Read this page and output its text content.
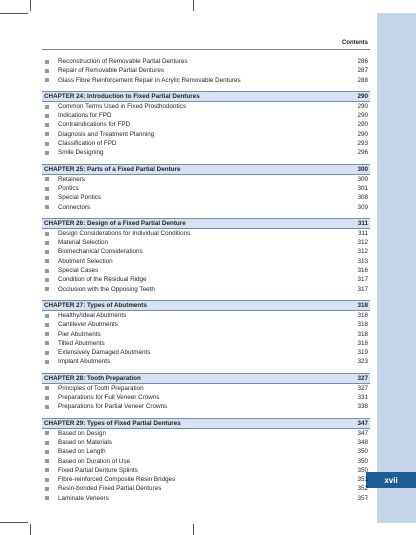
xvii
Contents
Reconstruction of Removable Partial Dentures	286
Repair of Removable Partial Dentures	287
Glass Fibre Reinforcement Repair in Acrylic Removable Dentures	288
CHAPTER 24: Introduction to Fixed Partial Dentures	290
Common Terms Used in Fixed Prosthodontics	290
Indications for FPD	290
Contraindications for FPD	290
Diagnosis and Treatment Planning	290
Classification of FPD	293
Smile Designing	296
CHAPTER 25: Parts of a Fixed Partial Denture	300
Retainers	300
Pontics	301
Special Pontics	308
Connectors	309
CHAPTER 26: Design of a Fixed Partial Denture	311
Design Considerations for Individual Conditions	311
Material Selection	312
Biomechanical Considerations	312
Abutment Selection	313
Special Cases	316
Condition of the Residual Ridge	317
Occlusion with the Opposing Teeth	317
CHAPTER 27: Types of Abutments	318
Healthy/Ideal Abutments	318
Cantilever Abutments	318
Pier Abutments	318
Tilted Abutments	318
Extensively Damaged Abutments	319
Implant Abutments	323
CHAPTER 28: Tooth Preparation	327
Principles of Tooth Preparation	327
Preparations for Full Veneer Crowns	331
Preparations for Partial Veneer Crowns	338
CHAPTER 29: Types of Fixed Partial Dentures	347
Based on Design	347
Based on Materials	348
Based on Length	350
Based on Duration of Use	350
Fixed Partial Denture Splints	350
Fibre-reinforced Composite Resin Bridges	351
Resin-bonded Fixed Partial Dentures	352
Laminate Veneers	357
